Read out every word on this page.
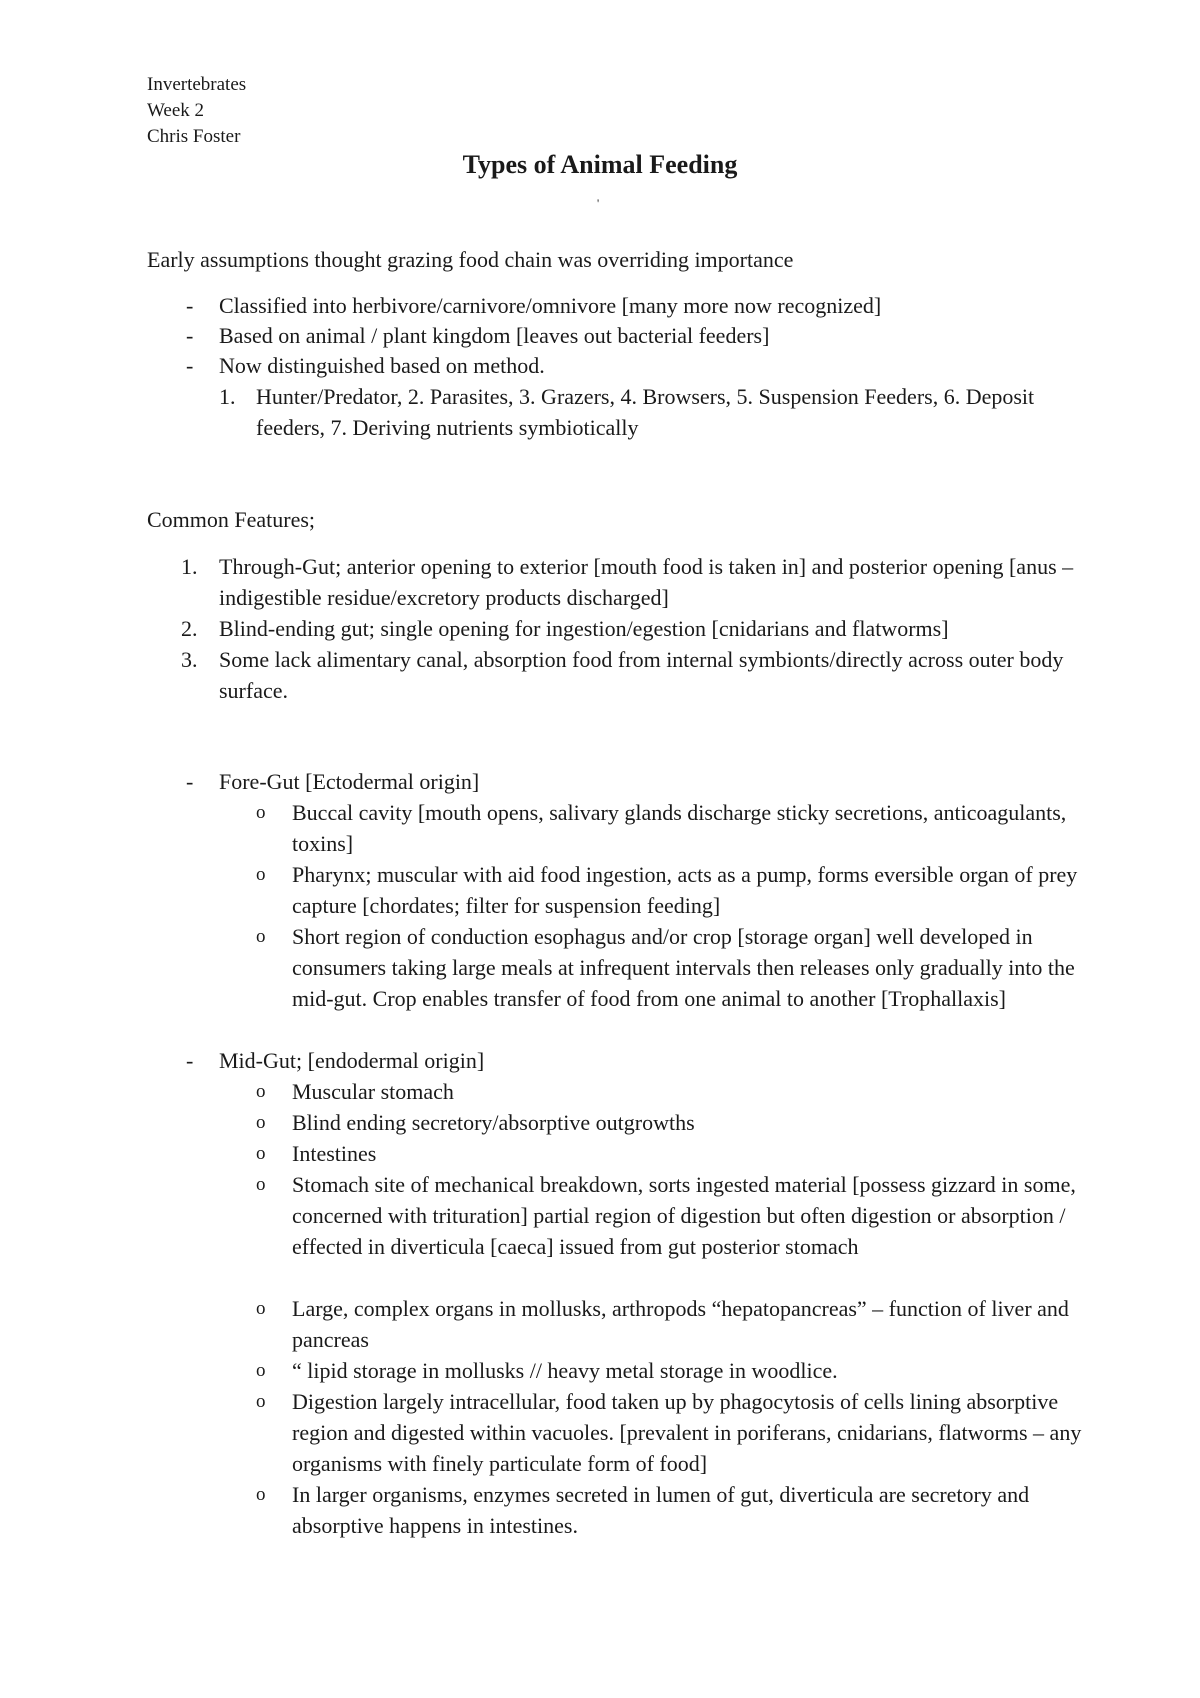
Invertebrates
Week 2
Chris Foster
Types of Animal Feeding
'
Early assumptions thought grazing food chain was overriding importance
- Classified into herbivore/carnivore/omnivore [many more now recognized]
- Based on animal / plant kingdom [leaves out bacterial feeders]
- Now distinguished based on method.
1. Hunter/Predator, 2. Parasites, 3. Grazers, 4. Browsers, 5. Suspension Feeders, 6. Deposit feeders, 7. Deriving nutrients symbiotically
Common Features;
1. Through-Gut; anterior opening to exterior [mouth food is taken in] and posterior opening [anus – indigestible residue/excretory products discharged]
2. Blind-ending gut; single opening for ingestion/egestion [cnidarians and flatworms]
3. Some lack alimentary canal, absorption food from internal symbionts/directly across outer body surface.
- Fore-Gut [Ectodermal origin]
o Buccal cavity [mouth opens, salivary glands discharge sticky secretions, anticoagulants, toxins]
o Pharynx; muscular with aid food ingestion, acts as a pump, forms eversible organ of prey capture [chordates; filter for suspension feeding]
o Short region of conduction esophagus and/or crop [storage organ] well developed in consumers taking large meals at infrequent intervals then releases only gradually into the mid-gut. Crop enables transfer of food from one animal to another [Trophallaxis]
- Mid-Gut; [endodermal origin]
o Muscular stomach
o Blind ending secretory/absorptive outgrowths
o Intestines
o Stomach site of mechanical breakdown, sorts ingested material [possess gizzard in some, concerned with trituration] partial region of digestion but often digestion or absorption / effected in diverticula [caeca] issued from gut posterior stomach
o Large, complex organs in mollusks, arthropods “hepatopancreas” – function of liver and pancreas
o “ lipid storage in mollusks // heavy metal storage in woodlice.
o Digestion largely intracellular, food taken up by phagocytosis of cells lining absorptive region and digested within vacuoles. [prevalent in poriferans, cnidarians, flatworms – any organisms with finely particulate form of food]
o In larger organisms, enzymes secreted in lumen of gut, diverticula are secretory and absorptive happens in intestines.
